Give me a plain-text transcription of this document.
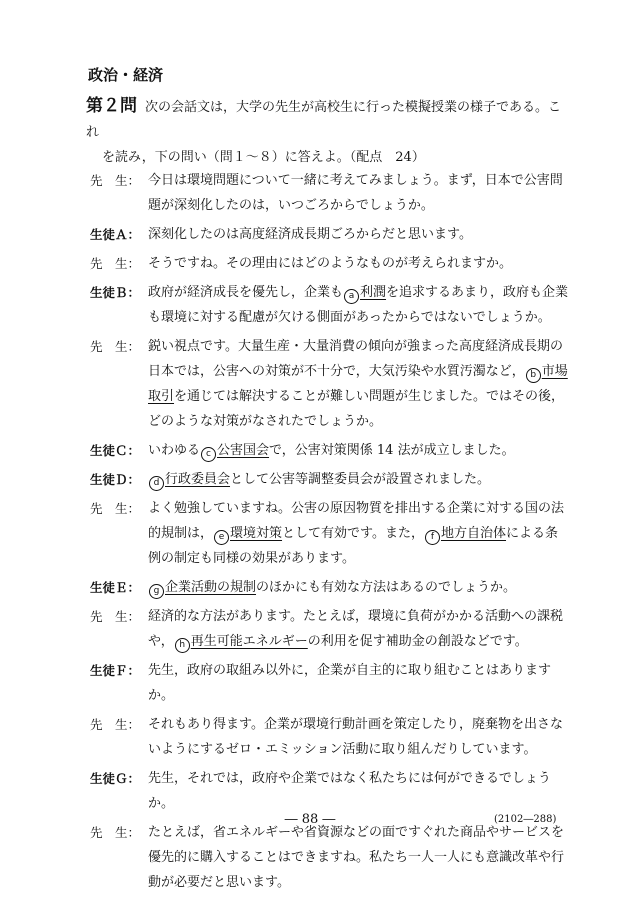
政治・経済
第２問 次の会話文は，大学の先生が高校生に行った模擬授業の様子である。これ
を読み，下の問い（問１～８）に答えよ。（配点　24）
先　生： 今日は環境問題について一緒に考えてみましょう。まず，日本で公害問題が深刻化したのは，いつごろからでしょうか。
生徒Ａ： 深刻化したのは高度経済成長期ごろからだと思います。
先　生： そうですね。その理由にはどのようなものが考えられますか。
生徒Ｂ： 政府が経済成長を優先し，企業も a 利潤を追求するあまり，政府も企業も環境に対する配慮が欠ける側面があったからではないでしょうか。
先　生： 鋭い視点です。大量生産・大量消費の傾向が強まった高度経済成長期の日本では，公害への対策が不十分で，大気汚染や水質汚濁など， b 市場取引を通じては解決することが難しい問題が生じました。ではその後，どのような対策がなされたでしょうか。
生徒Ｃ： いわゆる c 公害国会で，公害対策関係 14 法が成立しました。
生徒Ｄ：	d 行政委員会として公害等調整委員会が設置されました。
先　生： よく勉強していますね。公害の原因物質を排出する企業に対する国の法的規制は， e 環境対策として有効です。また， f 地方自治体による条例の制定も同様の効果があります。
生徒Ｅ：	g 企業活動の規制のほかにも有効な方法はあるのでしょうか。
先　生： 経済的な方法があります。たとえば，環境に負荷がかかる活動への課税や， h 再生可能エネルギーの利用を促す補助金の創設などです。
生徒Ｆ： 先生，政府の取組み以外に，企業が自主的に取り組むことはありますか。
先　生： それもあり得ます。企業が環境行動計画を策定したり，廃棄物を出さないようにするゼロ・エミッション活動に取り組んだりしています。
生徒Ｇ： 先生，それでは，政府や企業ではなく私たちには何ができるでしょうか。
先　生： たとえば，省エネルギーや省資源などの面ですぐれた商品やサービスを優先的に購入することはできますね。私たち一人一人にも意識改革や行動が必要だと思います。
― 88 ―	(2102―288)
